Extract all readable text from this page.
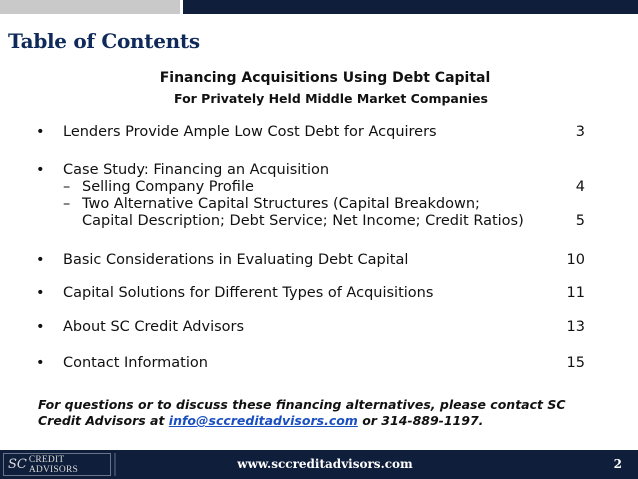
Table of Contents
Financing Acquisitions Using Debt Capital
For Privately Held Middle Market Companies
• Lenders Provide Ample Low Cost Debt for Acquirers	3
• Case Study: Financing an Acquisition
– Selling Company Profile	4
– Two Alternative Capital Structures (Capital Breakdown;
Capital Description; Debt Service; Net Income; Credit Ratios)	5
• Basic Considerations in Evaluating Debt Capital	10
• Capital Solutions for Different Types of Acquisitions	11
• About SC Credit Advisors	13
• Contact Information	15
For questions or to discuss these financing alternatives, please contact SC Credit Advisors at info@sccreditadvisors.com or 314-889-1197.
SC CREDIT ADVISORS	www.sccreditadvisors.com	2
